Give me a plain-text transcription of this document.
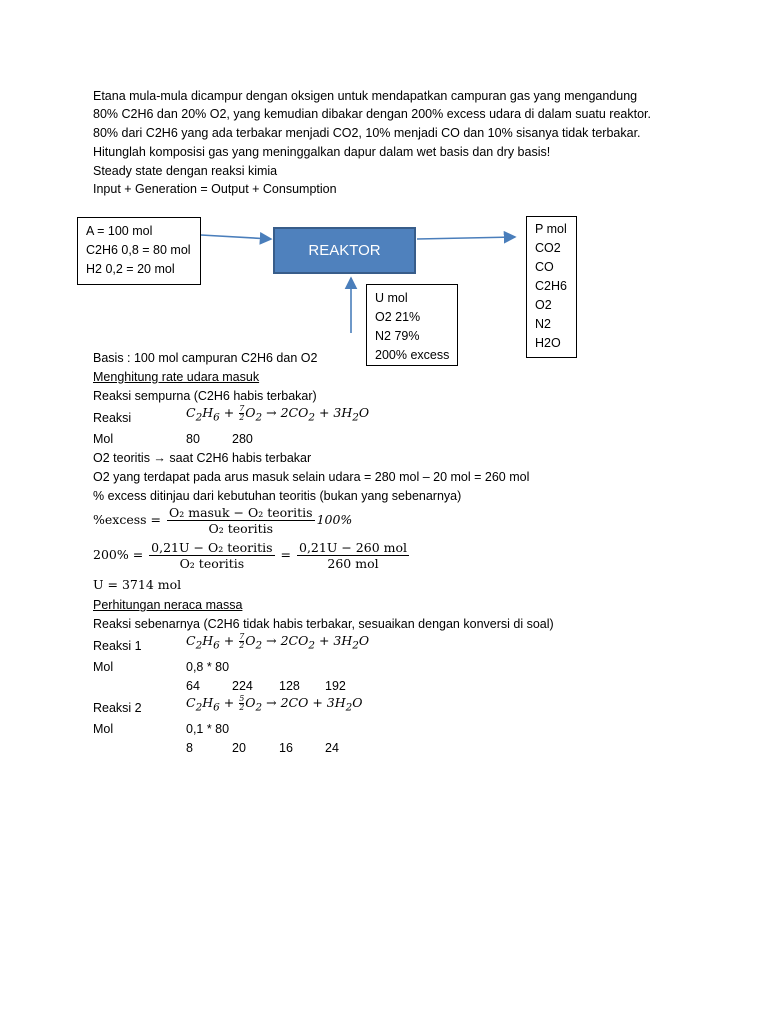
Etana mula-mula dicampur dengan oksigen untuk mendapatkan campuran gas yang mengandung
80% C2H6 dan 20% O2, yang kemudian dibakar dengan 200% excess udara di dalam suatu reaktor.
80% dari C2H6 yang ada terbakar menjadi CO2, 10% menjadi CO dan 10% sisanya tidak terbakar.
Hitunglah komposisi gas yang meninggalkan dapur dalam wet basis dan dry basis!
Steady state dengan reaksi kimia
Input + Generation = Output + Consumption
A = 100 mol
C2H6 0,8 = 80 mol
H2 0,2 = 20 mol
REAKTOR
U mol
O2 21%
N2 79%
200% excess
P mol
CO2
CO
C2H6
O2
N2
H2O
Basis : 100 mol campuran C2H6 dan O2
Menghitung rate udara masuk
Reaksi sempurna (C2H6 habis terbakar)
Reaksi	$C_2H_6 + \frac{7}{2} O_2 \to 2CO_2 + 3H_2O$
Mol	80	280
O2 teoritis → saat C2H6 habis terbakar
O2 yang terdapat pada arus masuk selain udara = 280 mol – 20 mol = 260 mol
% excess ditinjau dari kebutuhan teoritis (bukan yang sebenarnya)
%excess = $\frac{\text{O₂ masuk − O₂ teoritis}}{\text{O₂ teoritis}} 100\%$
$200\% = \frac{\text{0,21U − O₂ teoritis}}{\text{O₂ teoritis}} = \frac{\text{0,21U − 260 mol}}{\text{260 mol}}$
U = 3714 mol
Perhitungan neraca massa
Reaksi sebenarnya (C2H6 tidak habis terbakar, sesuaikan dengan konversi di soal)
Reaksi 1	$C_2H_6 + \frac{7}{2} O_2 \to 2CO_2 + 3H_2O$
Mol	0,8 * 80
64	224 128 192
Reaksi 2	$C_2H_6 + \frac{5}{2} O_2 \to 2CO + 3H_2O$
Mol	0,1 * 80
8	20	16	24
